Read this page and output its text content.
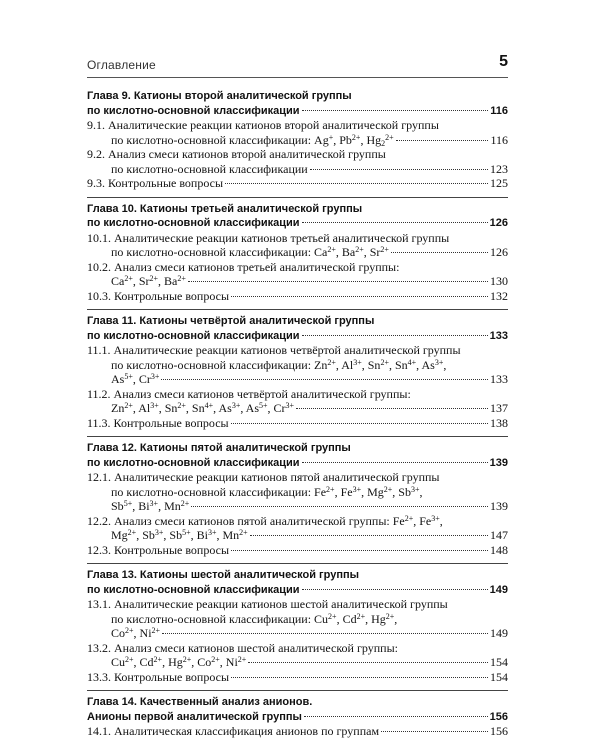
Оглавление	5
Глава 9. Катионы второй аналитической группы
по кислотно-основной классификации	116
9.1. Аналитические реакции катионов второй аналитической группы
по кислотно-основной классификации: Ag+, $Pb^{2+}$, $Hg_2^{2+}$	116
9.2. Анализ смеси катионов второй аналитической группы
по кислотно-основной классификации	123
9.3. Контрольные вопросы	125
Глава 10. Катионы третьей аналитической группы
по кислотно-основной классификации	126
10.1. Аналитические реакции катионов третьей аналитической группы
по кислотно-основной классификации: $Ca^{2+}$, $Ba^{2+}$, $Sr^{2+}$	126
10.2. Анализ смеси катионов третьей аналитической группы:
$Ca^{2+}$, $Sr^{2+}$, $Ba^{2+}$	130
10.3. Контрольные вопросы	132
Глава 11. Катионы четвёртой аналитической группы
по кислотно-основной классификации	133
11.1. Аналитические реакции катионов четвёртой аналитической группы
по кислотно-основной классификации: $Zn^{2+}$, $Al^{3+}$, $Sn^{2+}$, $Sn^{4+}$, $As^{3+}$,
$As^{5+}$, $Cr^{3+}$	133
11.2. Анализ смеси катионов четвёртой аналитической группы:
$Zn^{2+}$, $Al^{3+}$, $Sn^{2+}$, $Sn^{4+}$, $As^{3+}$, $As^{5+}$, $Cr^{3+}$	137
11.3. Контрольные вопросы	138
Глава 12. Катионы пятой аналитической группы
по кислотно-основной классификации	139
12.1. Аналитические реакции катионов пятой аналитической группы
по кислотно-основной классификации: $Fe^{2+}$, $Fe^{3+}$, $Mg^{2+}$, $Sb^{3+}$,
$Sb^{5+}$, $Bi^{3+}$, $Mn^{2+}$	139
12.2. Анализ смеси катионов пятой аналитической группы: $Fe^{2+}$, $Fe^{3+}$,
$Mg^{2+}$, $Sb^{3+}$, $Sb^{5+}$, $Bi^{3+}$, $Mn^{2+}$	147
12.3. Контрольные вопросы	148
Глава 13. Катионы шестой аналитической группы
по кислотно-основной классификации	149
13.1. Аналитические реакции катионов шестой аналитической группы
по кислотно-основной классификации: $Cu^{2+}$, $Cd^{2+}$, $Hg^{2+}$,
$Co^{2+}$, $Ni^{2+}$	149
13.2. Анализ смеси катионов шестой аналитической группы:
$Cu^{2+}$, $Cd^{2+}$, $Hg^{2+}$, $Co^{2+}$, $Ni^{2+}$	154
13.3. Контрольные вопросы	154
Глава 14. Качественный анализ анионов.
Анионы первой аналитической группы	156
14.1. Аналитическая классификация анионов по группам	156
